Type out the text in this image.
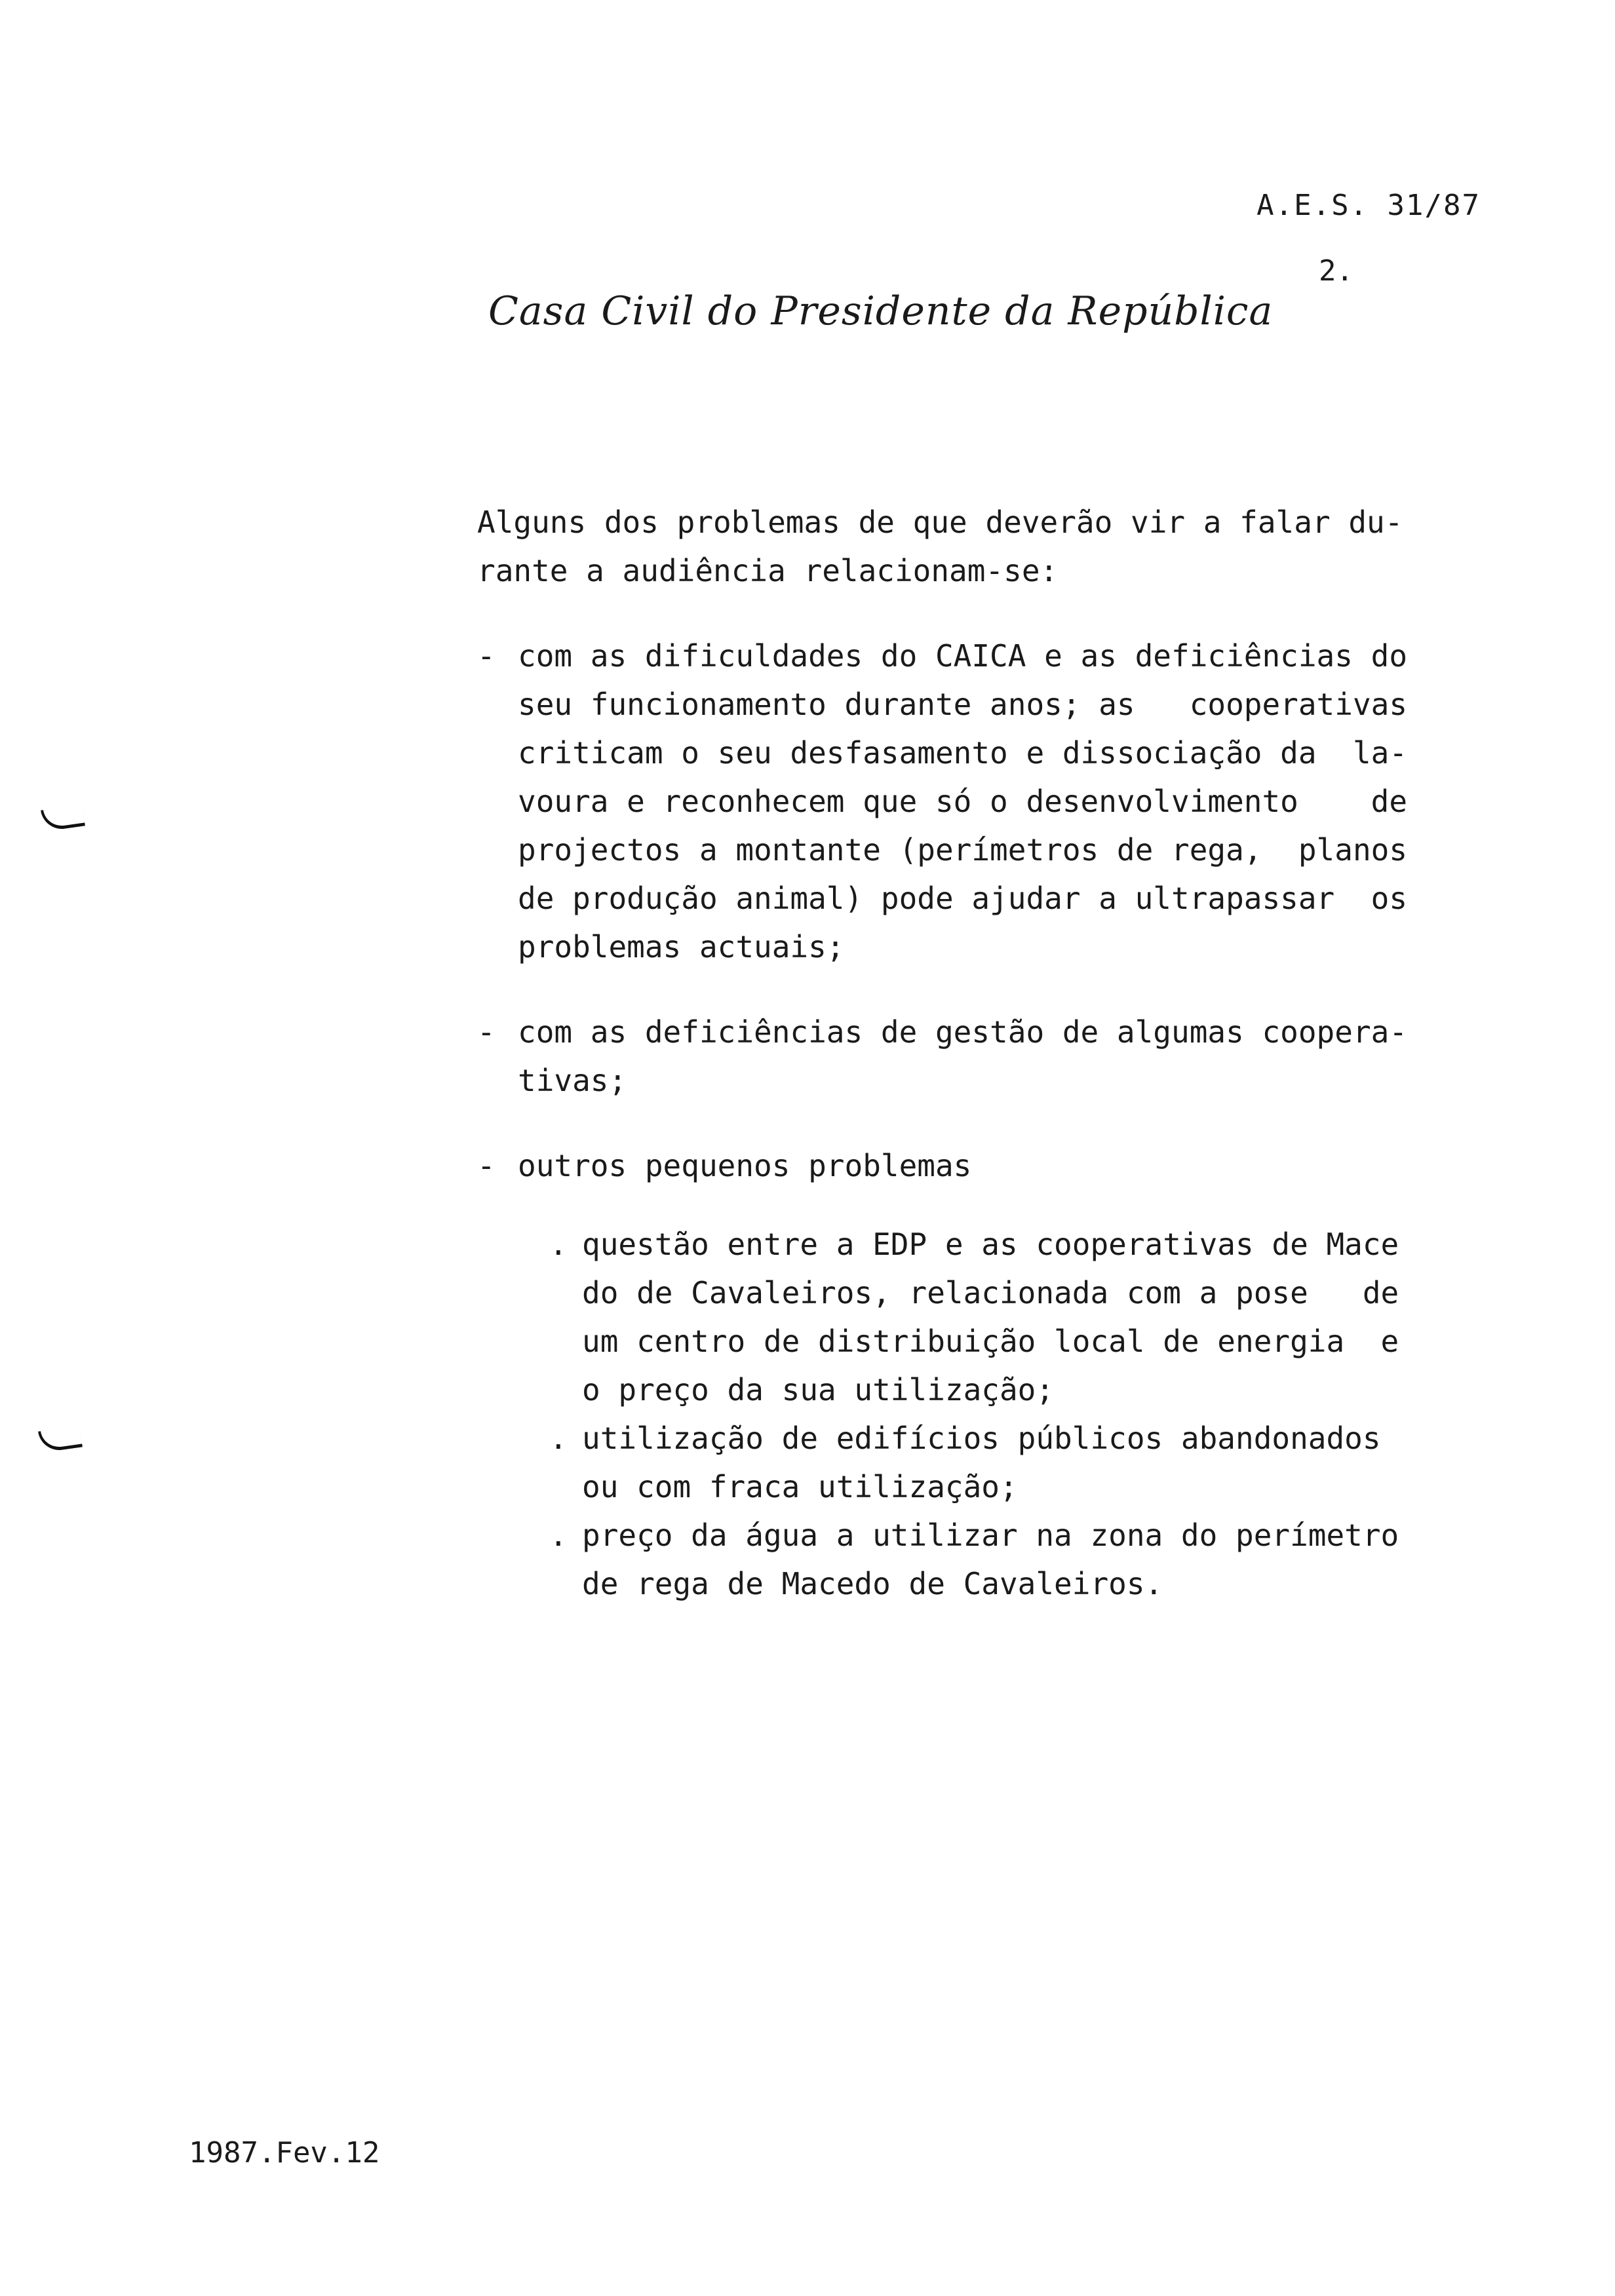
A.E.S. 31/87
2.
Casa Civil do Presidente da República
Alguns dos problemas de que deverão vir a falar du-
rante a audiência relacionam-se:
- com as dificuldades do CAICA e as deficiências do
seu funcionamento durante anos; as   cooperativas
criticam o seu desfasamento e dissociação da  la-
voura e reconhecem que só o desenvolvimento    de
projectos a montante (perímetros de rega,  planos
de produção animal) pode ajudar a ultrapassar  os
problemas actuais;
- com as deficiências de gestão de algumas coopera-
tivas;
- outros pequenos problemas
. questão entre a EDP e as cooperativas de Mace
do de Cavaleiros, relacionada com a pose   de
um centro de distribuição local de energia  e
o preço da sua utilização;
. utilização de edifícios públicos abandonados
ou com fraca utilização;
. preço da água a utilizar na zona do perímetro
de rega de Macedo de Cavaleiros.
1987.Fev.12
